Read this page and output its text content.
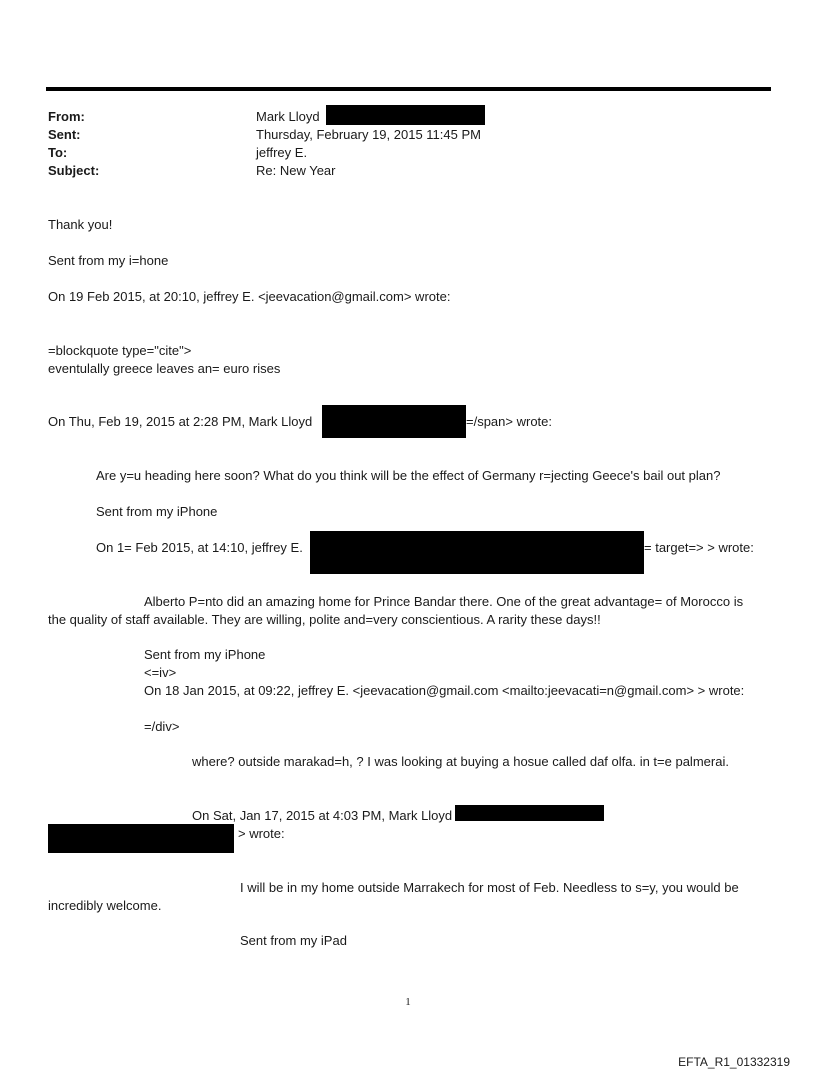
From:	Mark Lloyd
Sent:	Thursday, February 19, 2015 11:45 PM
To:	jeffrey E.
Subject:	Re: New Year
Thank you!
Sent from my i=hone
On 19 Feb 2015, at 20:10, jeffrey E. <jeevacation@gmail.com> wrote:
=blockquote type="cite">
eventulally greece leaves an= euro rises
On Thu, Feb 19, 2015 at 2:28 PM, Mark Lloyd	=/span> wrote:
Are y=u heading here soon? What do you think will be the effect of Germany r=jecting Geece's bail out plan?
Sent from my iPhone
On 1= Feb 2015, at 14:10, jeffrey E.	= target=> > wrote:
Alberto P=nto did an amazing home for Prince Bandar there. One of the great advantage= of Morocco is
the quality of staff available. They are willing, polite and=very conscientious. A rarity these days!!
Sent from my iPhone
<=iv>
On 18 Jan 2015, at 09:22, jeffrey E. <jeevacation@gmail.com <mailto:jeevacati=n@gmail.com> > wrote:
=/div>
where? outside marakad=h, ? I was looking at buying a hosue called daf olfa. in t=e palmerai.
On Sat, Jan 17, 2015 at 4:03 PM, Mark Lloyd
> wrote:
I will be in my home outside Marrakech for most of Feb. Needless to s=y, you would be
incredibly welcome.
Sent from my iPad
1
EFTA_R1_01332319
